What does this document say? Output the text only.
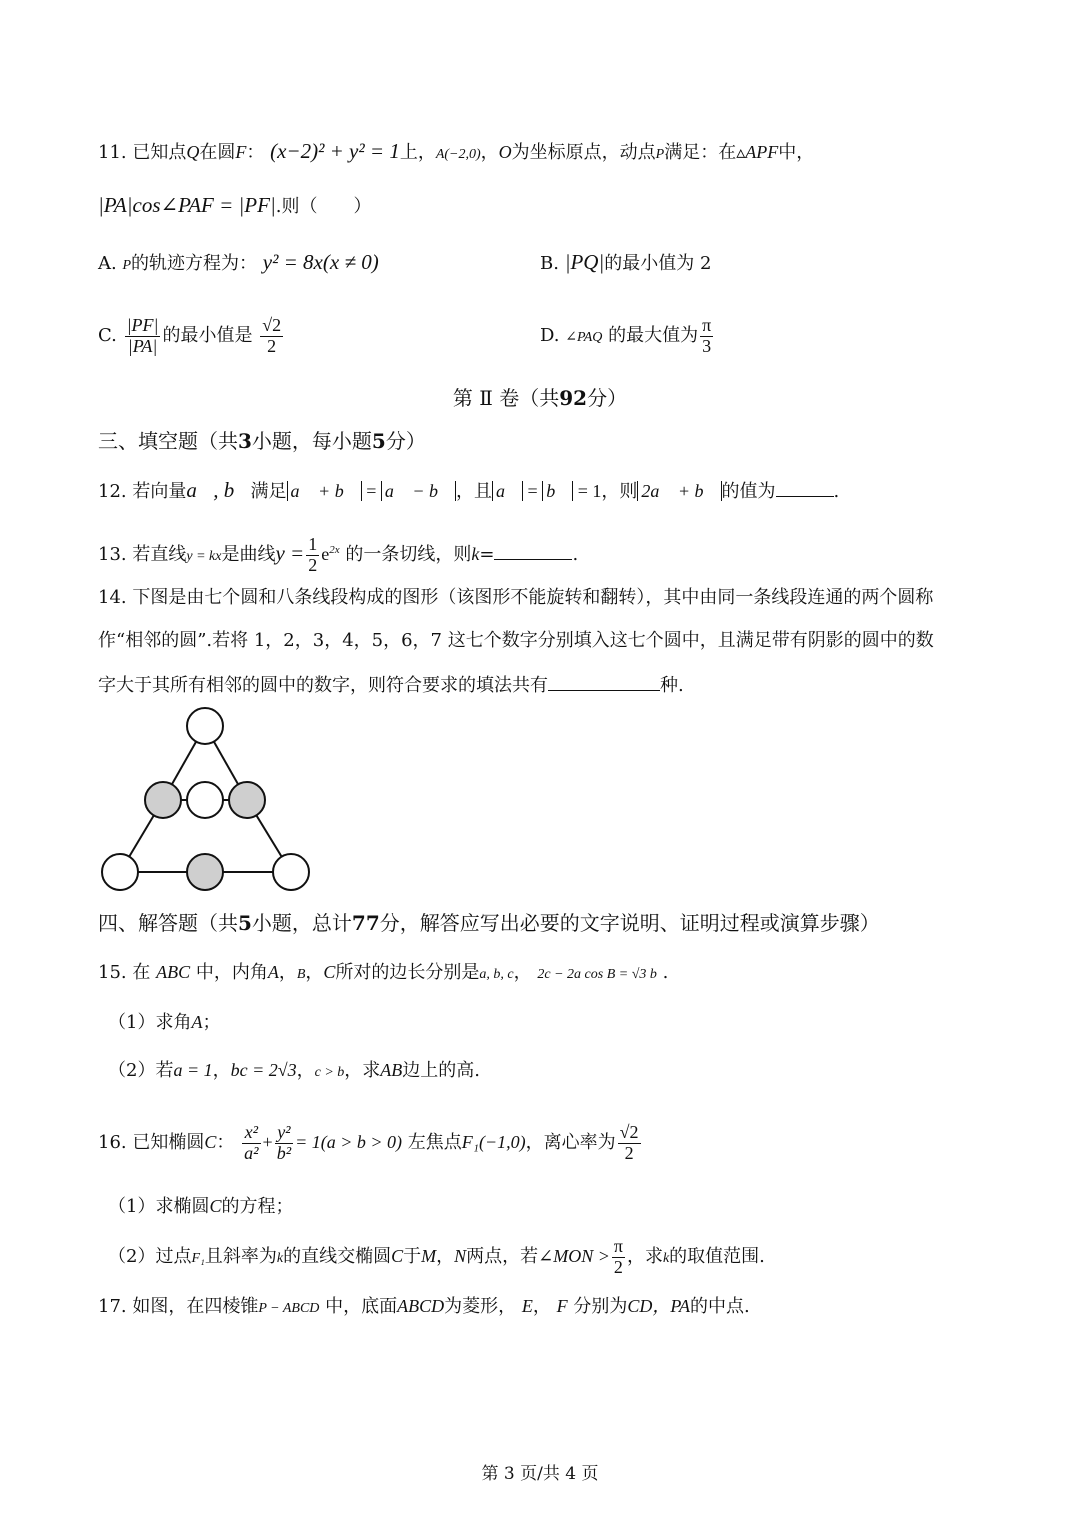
11. 已知点Q在圆F： (x−2)² + y² = 1上，A(−2,0)，O为坐标原点，动点P满足：在▵APF中，
|PA|cos∠PAF = |PF|.则（　　）
A. P的轨迹方程为： y² = 8x(x ≠ 0)	B. |PQ|的最小值为 2
C. $\frac{|PF|}{|PA|}$ 的最小值是 $\frac{√2}{2}$	D. ∠PAQ 的最大值为 $\frac{\pi}{3}$
第 Ⅱ 卷（共92分）
三、填空题（共3小题，每小题5分）
12. 若向量a⃗, b⃗满足 a⃗ + b⃗ = a⃗ − b⃗ ，且 a⃗ = b⃗ = 1，则 2a⃗ + b⃗ 的值为	.
13. 若直线y = kx是曲线$y = \frac{1}{2} e^{2x}$ 的一条切线，则k=	.
14. 下图是由七个圆和八条线段构成的图形（该图形不能旋转和翻转），其中由同一条线段连通的两个圆称
作“相邻的圆”.若将 1，2，3，4，5，6，7 这七个数字分别填入这七个圆中，且满足带有阴影的圆中的数
字大于其所有相邻的圆中的数字，则符合要求的填法共有	种.
四、解答题（共5小题，总计77分，解答应写出必要的文字说明、证明过程或演算步骤）
15. 在 ABC 中，内角A，B，C所对的边长分别是a, b, c， 2c − 2a cos B = √3 b .
（1）求角A；
（2）若a = 1，bc = 2√3，c > b，求AB边上的高.
16. 已知椭圆C： $\frac{\text{x²}}{\text{a²}} + \frac{\text{y²}}{\text{b²}} = 1(a > b > 0)$ 左焦点F₁(−1,0)，离心率为 $\frac{√2}{2}$
（1）求椭圆C的方程；
（2）过点F₁且斜率为k的直线交椭圆C于M，N两点，若∠MON > $\frac{\pi}{2}$ ，求k的取值范围.
17. 如图，在四棱锥P − ABCD 中，底面ABCD为菱形， E， F 分别为CD，PA的中点.
第 3 页/共 4 页
